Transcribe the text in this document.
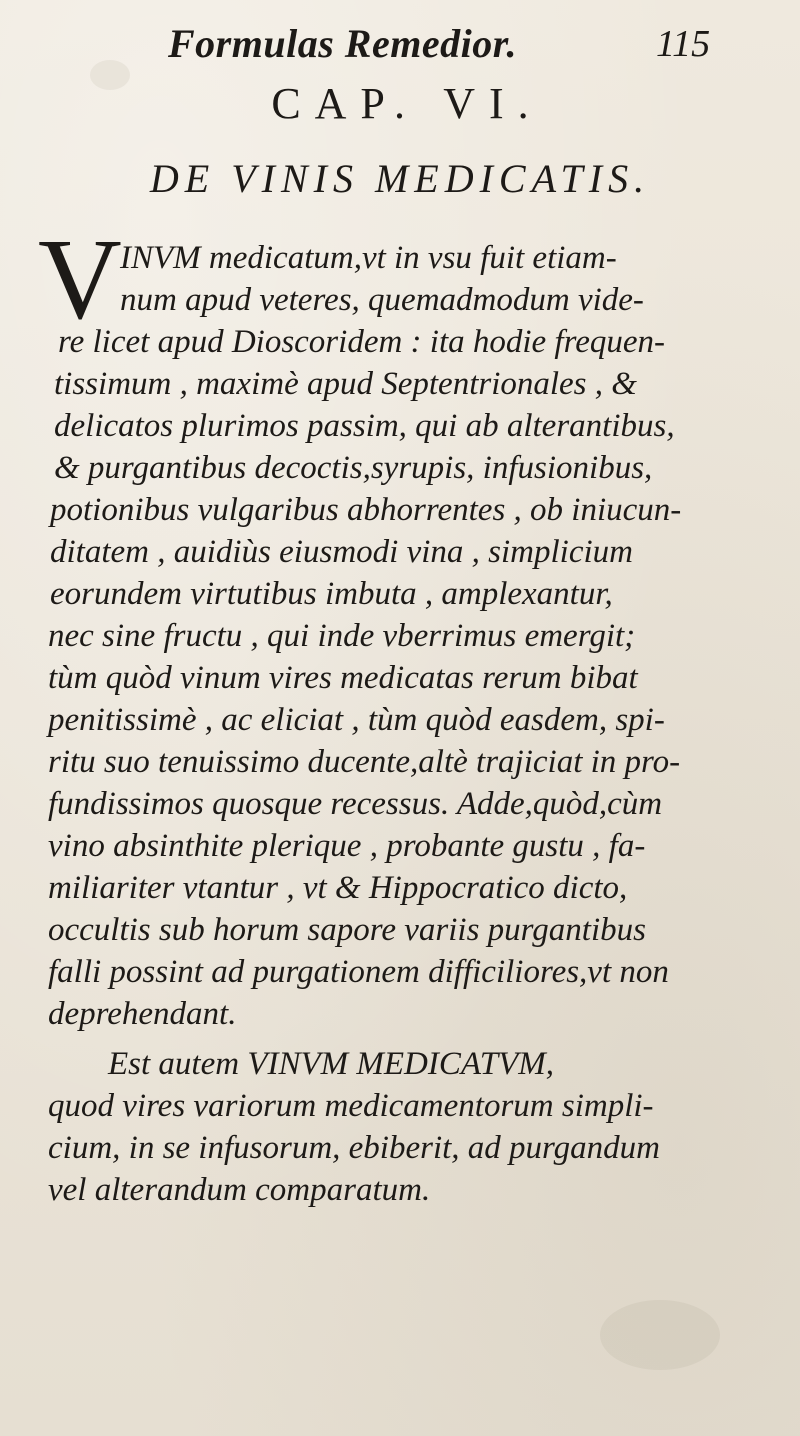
Formulas Remedior.	115
CAP. VI.
DE VINIS MEDICATIS.
V
INVM medicatum,vt in vsu fuit etiam-
num apud veteres, quemadmodum vide-
re licet apud Dioscoridem : ita hodie frequen-
tissimum , maximè apud Septentrionales , &
delicatos plurimos passim, qui ab alterantibus,
& purgantibus decoctis,syrupis, infusionibus,
potionibus vulgaribus abhorrentes , ob iniucun-
ditatem , auidiùs eiusmodi vina , simplicium
eorundem virtutibus imbuta , amplexantur,
nec sine fructu , qui inde vberrimus emergit;
tùm quòd vinum vires medicatas rerum bibat
penitissimè , ac eliciat , tùm quòd easdem, spi-
ritu suo tenuissimo ducente,altè trajiciat in pro-
fundissimos quosque recessus. Adde,quòd,cùm
vino absinthite plerique , probante gustu , fa-
miliariter vtantur , vt & Hippocratico dicto,
occultis sub horum sapore variis purgantibus
falli possint ad purgationem difficiliores,vt non
deprehendant.
Est autem VINVM MEDICATVM,
quod vires variorum medicamentorum simpli-
cium, in se infusorum, ebiberit, ad purgandum
vel alterandum comparatum.
